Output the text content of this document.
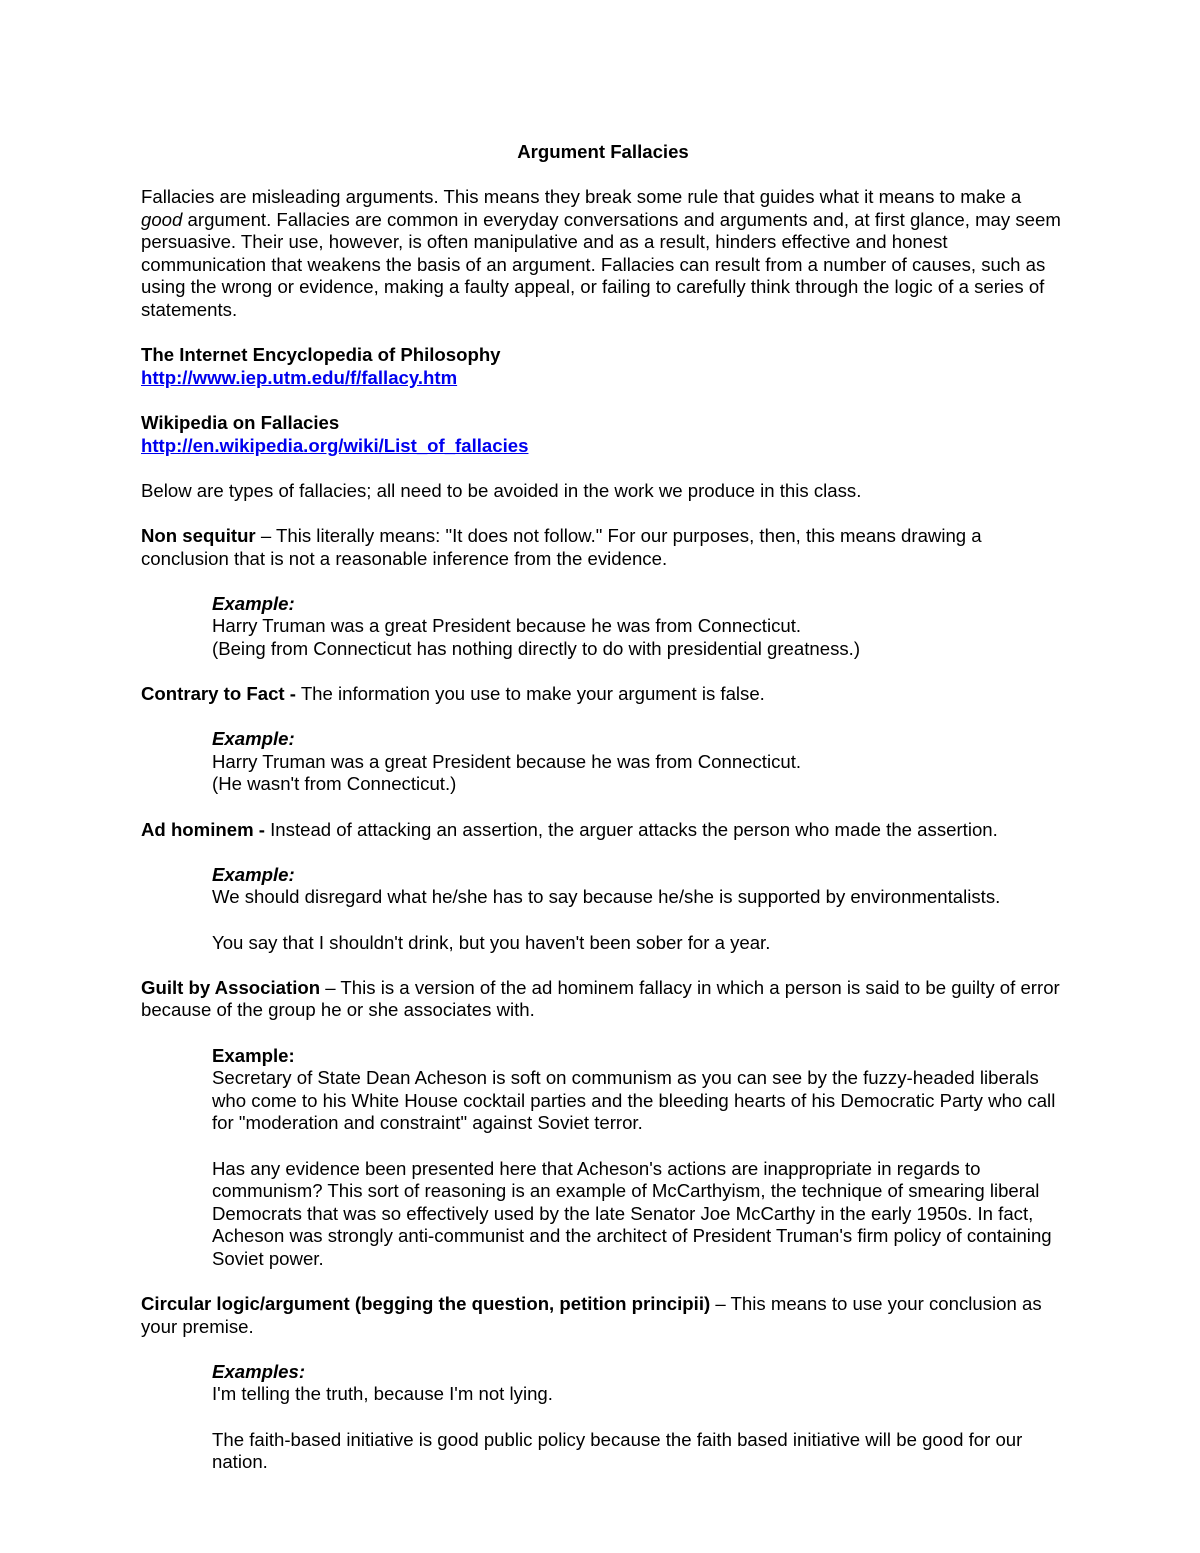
Argument Fallacies

Fallacies are misleading arguments. This means they break some rule that guides what it means to make a good argument. Fallacies are common in everyday conversations and arguments and, at first glance, may seem persuasive. Their use, however, is often manipulative and as a result, hinders effective and honest communication that weakens the basis of an argument. Fallacies can result from a number of causes, such as using the wrong or evidence, making a faulty appeal, or failing to carefully think through the logic of a series of statements.

The Internet Encyclopedia of Philosophy
http://www.iep.utm.edu/f/fallacy.htm

Wikipedia on Fallacies
http://en.wikipedia.org/wiki/List_of_fallacies

Below are types of fallacies; all need to be avoided in the work we produce in this class.

Non sequitur – This literally means: "It does not follow." For our purposes, then, this means drawing a conclusion that is not a reasonable inference from the evidence.

Example:
Harry Truman was a great President because he was from Connecticut.
(Being from Connecticut has nothing directly to do with presidential greatness.)

Contrary to Fact - The information you use to make your argument is false.

Example:
Harry Truman was a great President because he was from Connecticut.
(He wasn't from Connecticut.)

Ad hominem - Instead of attacking an assertion, the arguer attacks the person who made the assertion.

Example:
We should disregard what he/she has to say because he/she is supported by environmentalists.

You say that I shouldn't drink, but you haven't been sober for a year.

Guilt by Association – This is a version of the ad hominem fallacy in which a person is said to be guilty of error because of the group he or she associates with.

Example:
Secretary of State Dean Acheson is soft on communism as you can see by the fuzzy-headed liberals who come to his White House cocktail parties and the bleeding hearts of his Democratic Party who call for "moderation and constraint" against Soviet terror.

Has any evidence been presented here that Acheson's actions are inappropriate in regards to communism? This sort of reasoning is an example of McCarthyism, the technique of smearing liberal Democrats that was so effectively used by the late Senator Joe McCarthy in the early 1950s. In fact, Acheson was strongly anti-communist and the architect of President Truman's firm policy of containing Soviet power.

Circular logic/argument (begging the question, petition principii) – This means to use your conclusion as your premise.

Examples:
I'm telling the truth, because I'm not lying.

The faith-based initiative is good public policy because the faith based initiative will be good for our nation.
